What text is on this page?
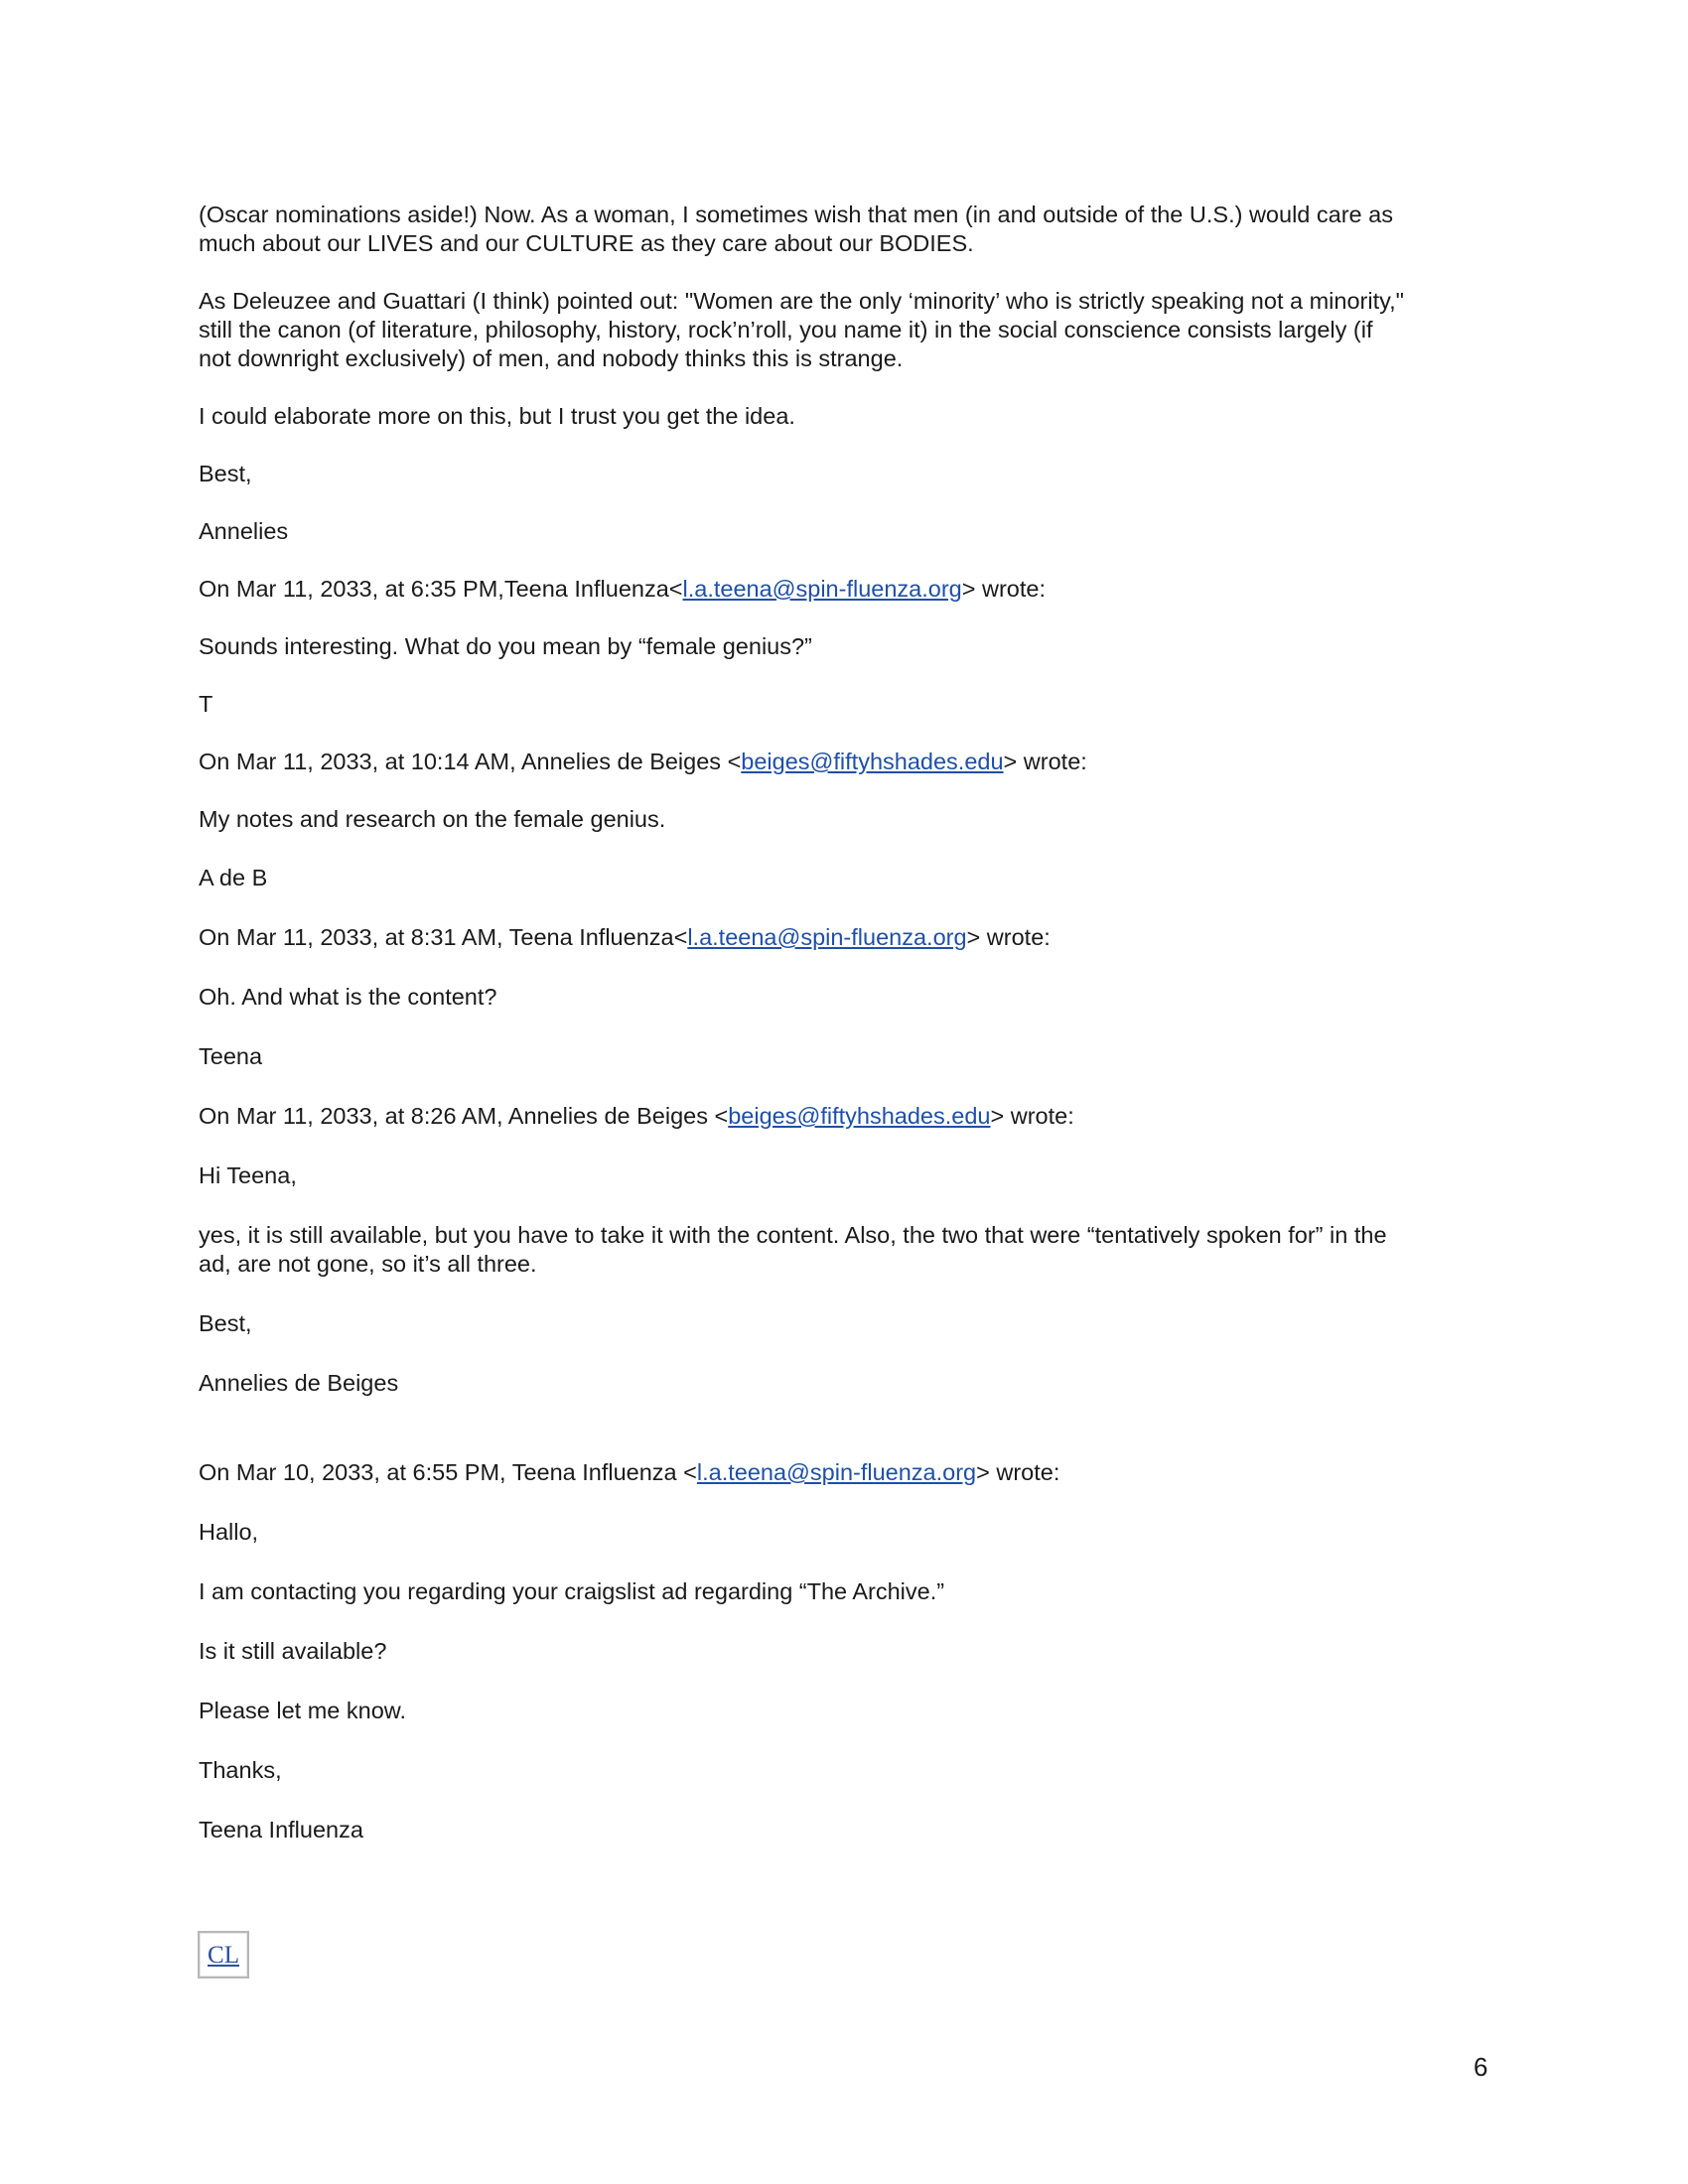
(Oscar nominations aside!) Now. As a woman, I sometimes wish that men (in and outside of the U.S.) would care as

much about our LIVES and our CULTURE as they care about our BODIES.

As Deleuzee and Guattari (I think) pointed out: "Women are the only ‘minority’ who is strictly speaking not a minority,"

still the canon (of literature, philosophy, history, rock’n’roll, you name it) in the social conscience consists largely (if

not downright exclusively) of men, and nobody thinks this is strange.

I could elaborate more on this, but I trust you get the idea.

Best,

Annelies

On Mar 11, 2033, at 6:35 PM,Teena Influenza<l.a.teena@spin-fluenza.org> wrote:

Sounds interesting. What do you mean by “female genius?”

T

On Mar 11, 2033, at 10:14 AM, Annelies de Beiges <beiges@fiftyhshades.edu> wrote:

My notes and research on the female genius.

A de B

On Mar 11, 2033, at 8:31 AM, Teena Influenza<l.a.teena@spin-fluenza.org> wrote:

Oh. And what is the content?

Teena

On Mar 11, 2033, at 8:26 AM, Annelies de Beiges <beiges@fiftyhshades.edu> wrote:

Hi Teena,

yes, it is still available, but you have to take it with the content. Also, the two that were “tentatively spoken for” in the

ad, are not gone, so it’s all three.

Best,

Annelies de Beiges

On Mar 10, 2033, at 6:55 PM, Teena Influenza <l.a.teena@spin-fluenza.org> wrote:

Hallo,

I am contacting you regarding your craigslist ad regarding “The Archive.”

Is it still available?

Please let me know.

Thanks,

Teena Influenza

CL
6
